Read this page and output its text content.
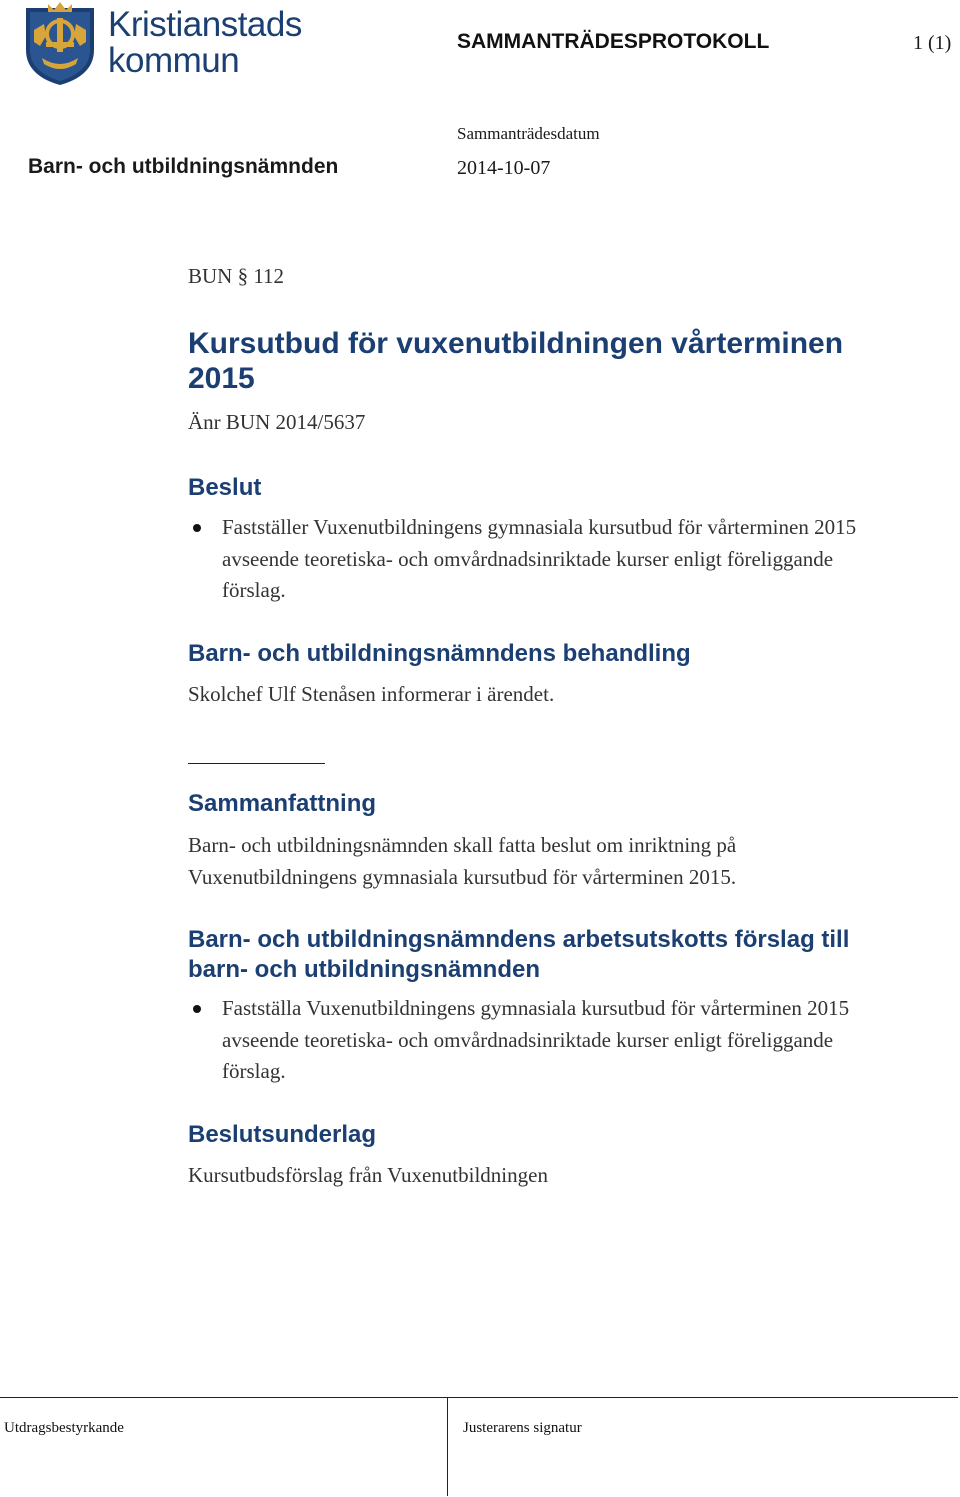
Kristianstads
kommun	SAMMANTRÄDESPROTOKOLL	1 (1)
Sammanträdesdatum
Barn- och utbildningsnämnden	2014-10-07
BUN § 112
Kursutbud för vuxenutbildningen vårterminen 2015
Änr BUN 2014/5637
Beslut
Fastställer Vuxenutbildningens gymnasiala kursutbud för vårterminen 2015 avseende teoretiska- och omvårdnadsinriktade kurser enligt föreliggande förslag.
Barn- och utbildningsnämndens behandling
Skolchef Ulf Stenåsen informerar i ärendet.
Sammanfattning
Barn- och utbildningsnämnden skall fatta beslut om inriktning på Vuxenutbildningens gymnasiala kursutbud för vårterminen 2015.
Barn- och utbildningsnämndens arbetsutskotts förslag till barn- och utbildningsnämnden
Fastställa Vuxenutbildningens gymnasiala kursutbud för vårterminen 2015 avseende teoretiska- och omvårdnadsinriktade kurser enligt föreliggande förslag.
Beslutsunderlag
Kursutbudsförslag från Vuxenutbildningen
Utdragsbestyrkande	Justerarens signatur
